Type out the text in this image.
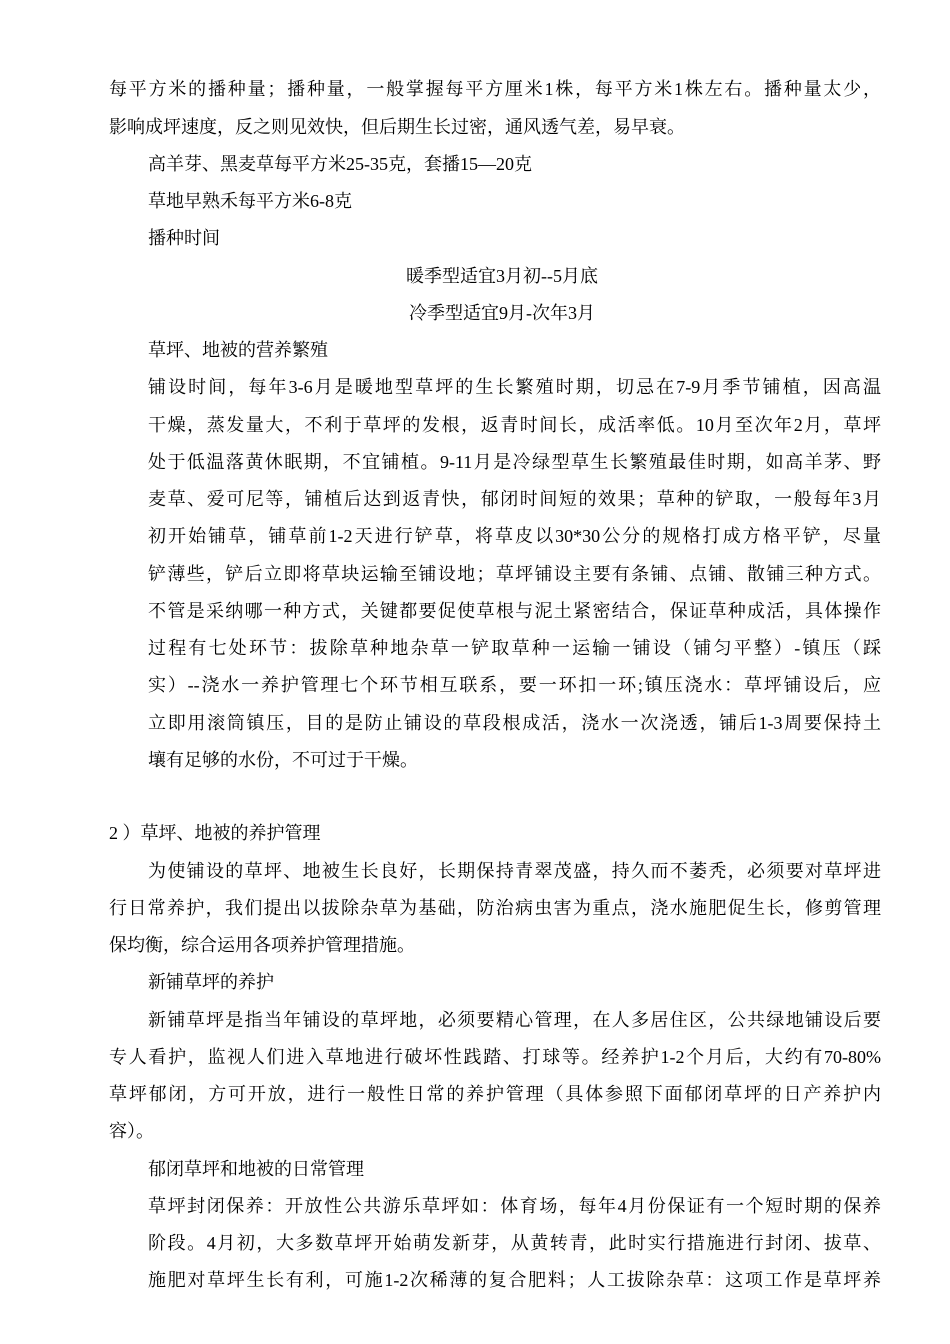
每平方米的播种量；播种量，一般掌握每平方厘米1株，每平方米1株左右。播种量太少，
影响成坪速度，反之则见效快，但后期生长过密，通风透气差，易早衰。
高羊芽、黑麦草每平方米25-35克，套播15—20克
草地早熟禾每平方米6-8克
播种时间
暖季型适宜3月初--5月底
冷季型适宜9月-次年3月
草坪、地被的营养繁殖
铺设时间，每年3-6月是暖地型草坪的生长繁殖时期，切忌在7-9月季节铺植，因高温
干燥，蒸发量大，不利于草坪的发根，返青时间长，成活率低。10月至次年2月，草坪
处于低温落黄休眠期，不宜铺植。9-11月是冷绿型草生长繁殖最佳时期，如高羊茅、野
麦草、爱可尼等，铺植后达到返青快，郁闭时间短的效果；草种的铲取，一般每年3月
初开始铺草，铺草前1-2天进行铲草，将草皮以30*30公分的规格打成方格平铲，尽量
铲薄些，铲后立即将草块运输至铺设地；草坪铺设主要有条铺、点铺、散铺三种方式。
不管是采纳哪一种方式，关键都要促使草根与泥土紧密结合，保证草种成活，具体操作
过程有七处环节：拔除草种地杂草一铲取草种一运输一铺设（铺匀平整）-镇压（踩
实）--浇水一养护管理七个环节相互联系，要一环扣一环;镇压浇水：草坪铺设后，应
立即用滚筒镇压，目的是防止铺设的草段根成活，浇水一次浇透，铺后1-3周要保持土
壤有足够的水份，不可过于干燥。
2 ）草坪、地被的养护管理
为使铺设的草坪、地被生长良好，长期保持青翠茂盛，持久而不萎秃，必须要对草坪进
行日常养护，我们提出以拔除杂草为基础，防治病虫害为重点，浇水施肥促生长，修剪管理
保均衡，综合运用各项养护管理措施。
新铺草坪的养护
新铺草坪是指当年铺设的草坪地，必须要精心管理，在人多居住区，公共绿地铺设后要
专人看护，监视人们进入草地进行破坏性践踏、打球等。经养护1-2个月后，大约有70-80%
草坪郁闭，方可开放，进行一般性日常的养护管理（具体参照下面郁闭草坪的日产养护内
容）。
郁闭草坪和地被的日常管理
草坪封闭保养：开放性公共游乐草坪如：体育场，每年4月份保证有一个短时期的保养
阶段。4月初，大多数草坪开始萌发新芽，从黄转青，此时实行措施进行封闭、拔草、
施肥对草坪生长有利，可施1-2次稀薄的复合肥料；人工拔除杂草：这项工作是草坪养
